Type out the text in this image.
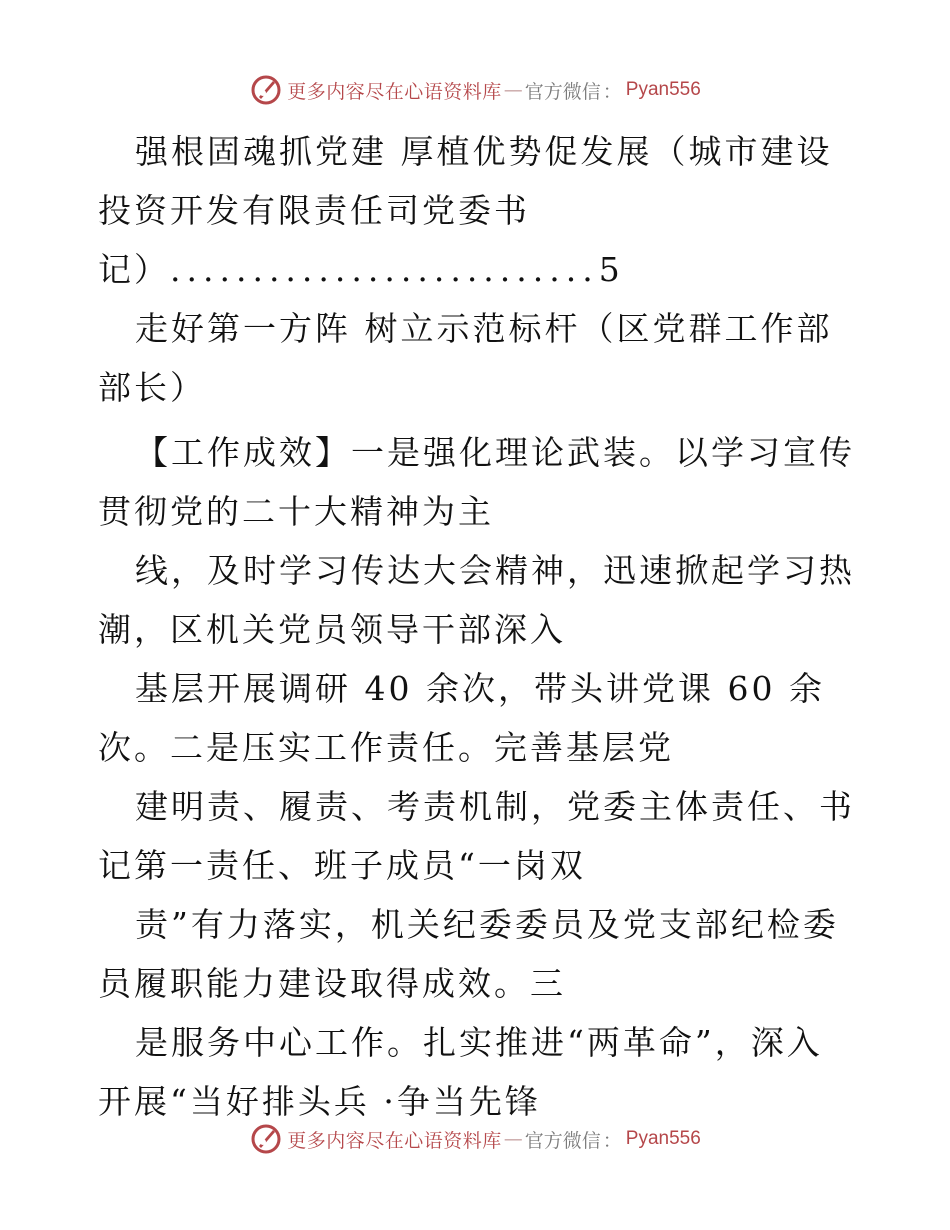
更多内容尽在心语资料库 — 官方微信 ： Pyan556

强根固魂抓党建 厚植优势促发展（城市建设投资开发有限责任司党委书

记）..........................5

走好第一方阵 树立示范标杆（区党群工作部部长）

【工作成效】一是强化理论武装。以学习宣传贯彻党的二十大精神为主

线，及时学习传达大会精神，迅速掀起学习热潮，区机关党员领导干部深入

基层开展调研 40 余次，带头讲党课 60 余次。二是压实工作责任。完善基层党

建明责、履责、考责机制，党委主体责任、书记第一责任、班子成员“一岗双

责”有力落实，机关纪委委员及党支部纪检委员履职能力建设取得成效。三

是服务中心工作。扎实推进“两革命”，深入开展“当好排头兵 ·争当先锋

更多内容尽在心语资料库 — 官方微信 ： Pyan556
